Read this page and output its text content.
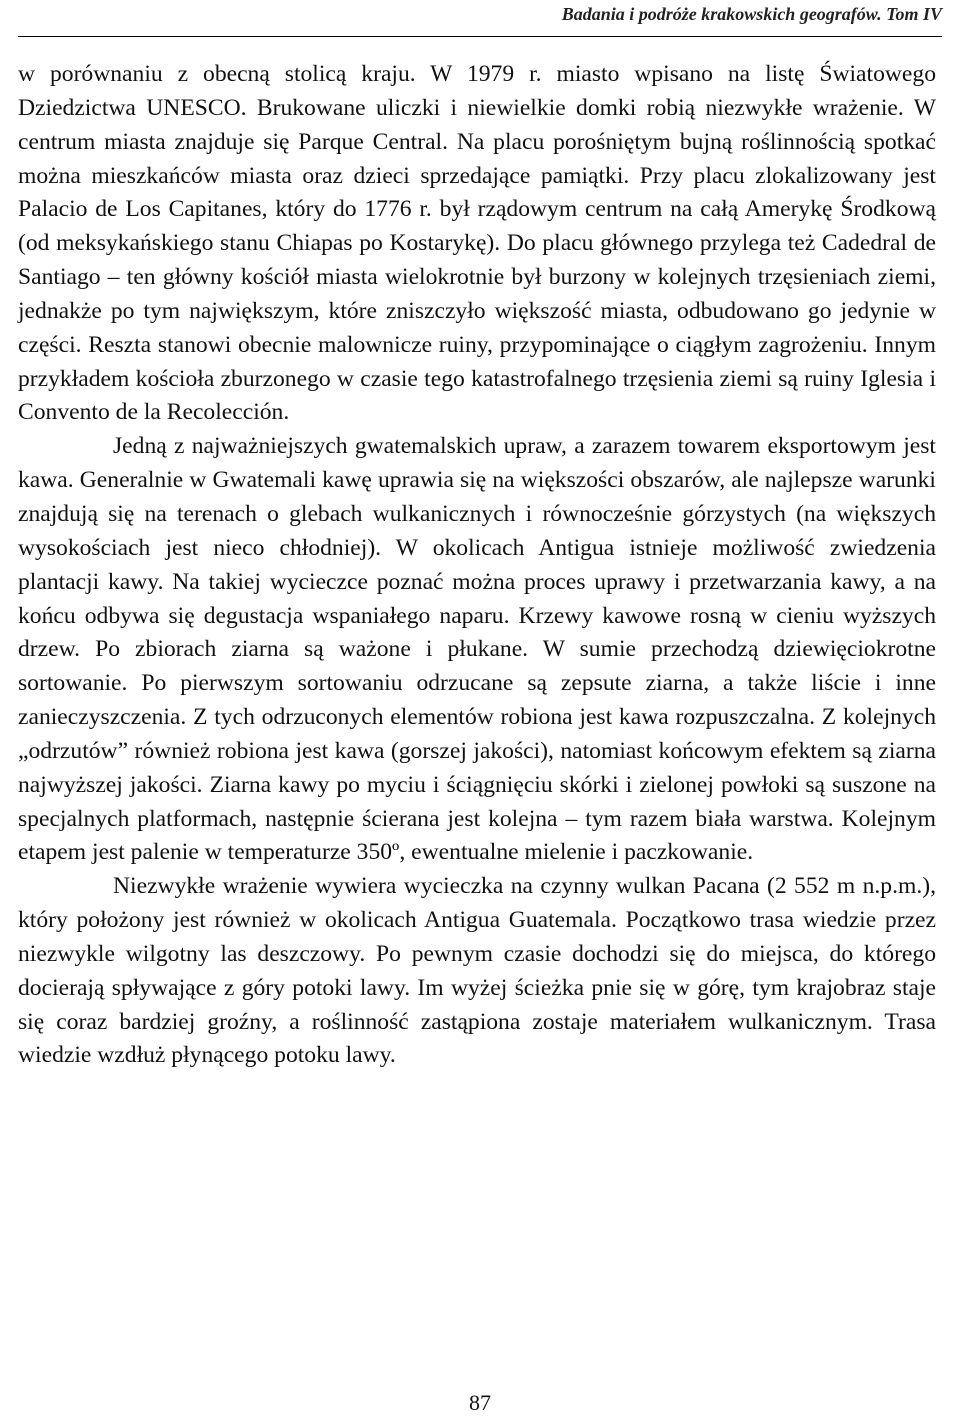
Badania i podróże krakowskich geografów. Tom IV

w porównaniu z obecną stolicą kraju. W 1979 r. miasto wpisano na listę Światowego Dziedzictwa UNESCO. Brukowane uliczki i niewielkie domki robią niezwykłe wrażenie. W centrum miasta znajduje się Parque Central. Na placu porośniętym bujną roślinnością spotkać można mieszkańców miasta oraz dzieci sprzedające pamiątki. Przy placu zlokalizowany jest Palacio de Los Capitanes, który do 1776 r. był rządowym centrum na całą Amerykę Środkową (od meksykańskiego stanu Chiapas po Kostarykę). Do placu głównego przylega też Cadedral de Santiago – ten główny kościół miasta wielokrotnie był burzony w kolejnych trzęsieniach ziemi, jednakże po tym największym, które zniszczyło większość miasta, odbudowano go jedynie w części. Reszta stanowi obecnie malownicze ruiny, przypominające o ciągłym zagrożeniu. Innym przykładem kościoła zburzonego w czasie tego katastrofalnego trzęsienia ziemi są ruiny Iglesia i Convento de la Recolección.

Jedną z najważniejszych gwatemalskich upraw, a zarazem towarem eksportowym jest kawa. Generalnie w Gwatemali kawę uprawia się na większości obszarów, ale najlepsze warunki znajdują się na terenach o glebach wulkanicznych i równocześnie górzystych (na większych wysokościach jest nieco chłodniej). W okolicach Antigua istnieje możliwość zwiedzenia plantacji kawy. Na takiej wycieczce poznać można proces uprawy i przetwarzania kawy, a na końcu odbywa się degustacja wspaniałego naparu. Krzewy kawowe rosną w cieniu wyższych drzew. Po zbiorach ziarna są ważone i płukane. W sumie przechodzą dziewięciokrotne sortowanie. Po pierwszym sortowaniu odrzucane są zepsute ziarna, a także liście i inne zanieczyszczenia. Z tych odrzuconych elementów robiona jest kawa rozpuszczalna. Z kolejnych „odrzutów” również robiona jest kawa (gorszej jakości), natomiast końcowym efektem są ziarna najwyższej jakości. Ziarna kawy po myciu i ściągnięciu skórki i zielonej powłoki są suszone na specjalnych platformach, następnie ścierana jest kolejna – tym razem biała warstwa. Kolejnym etapem jest palenie w temperaturze 350º, ewentualne mielenie i paczkowanie.

Niezwykłe wrażenie wywiera wycieczka na czynny wulkan Pacana (2 552 m n.p.m.), który położony jest również w okolicach Antigua Guatemala. Początkowo trasa wiedzie przez niezwykle wilgotny las deszczowy. Po pewnym czasie dochodzi się do miejsca, do którego docierają spływające z góry potoki lawy. Im wyżej ścieżka pnie się w górę, tym krajobraz staje się coraz bardziej groźny, a roślinność zastąpiona zostaje materiałem wulkanicznym. Trasa wiedzie wzdłuż płynącego potoku lawy.

87
